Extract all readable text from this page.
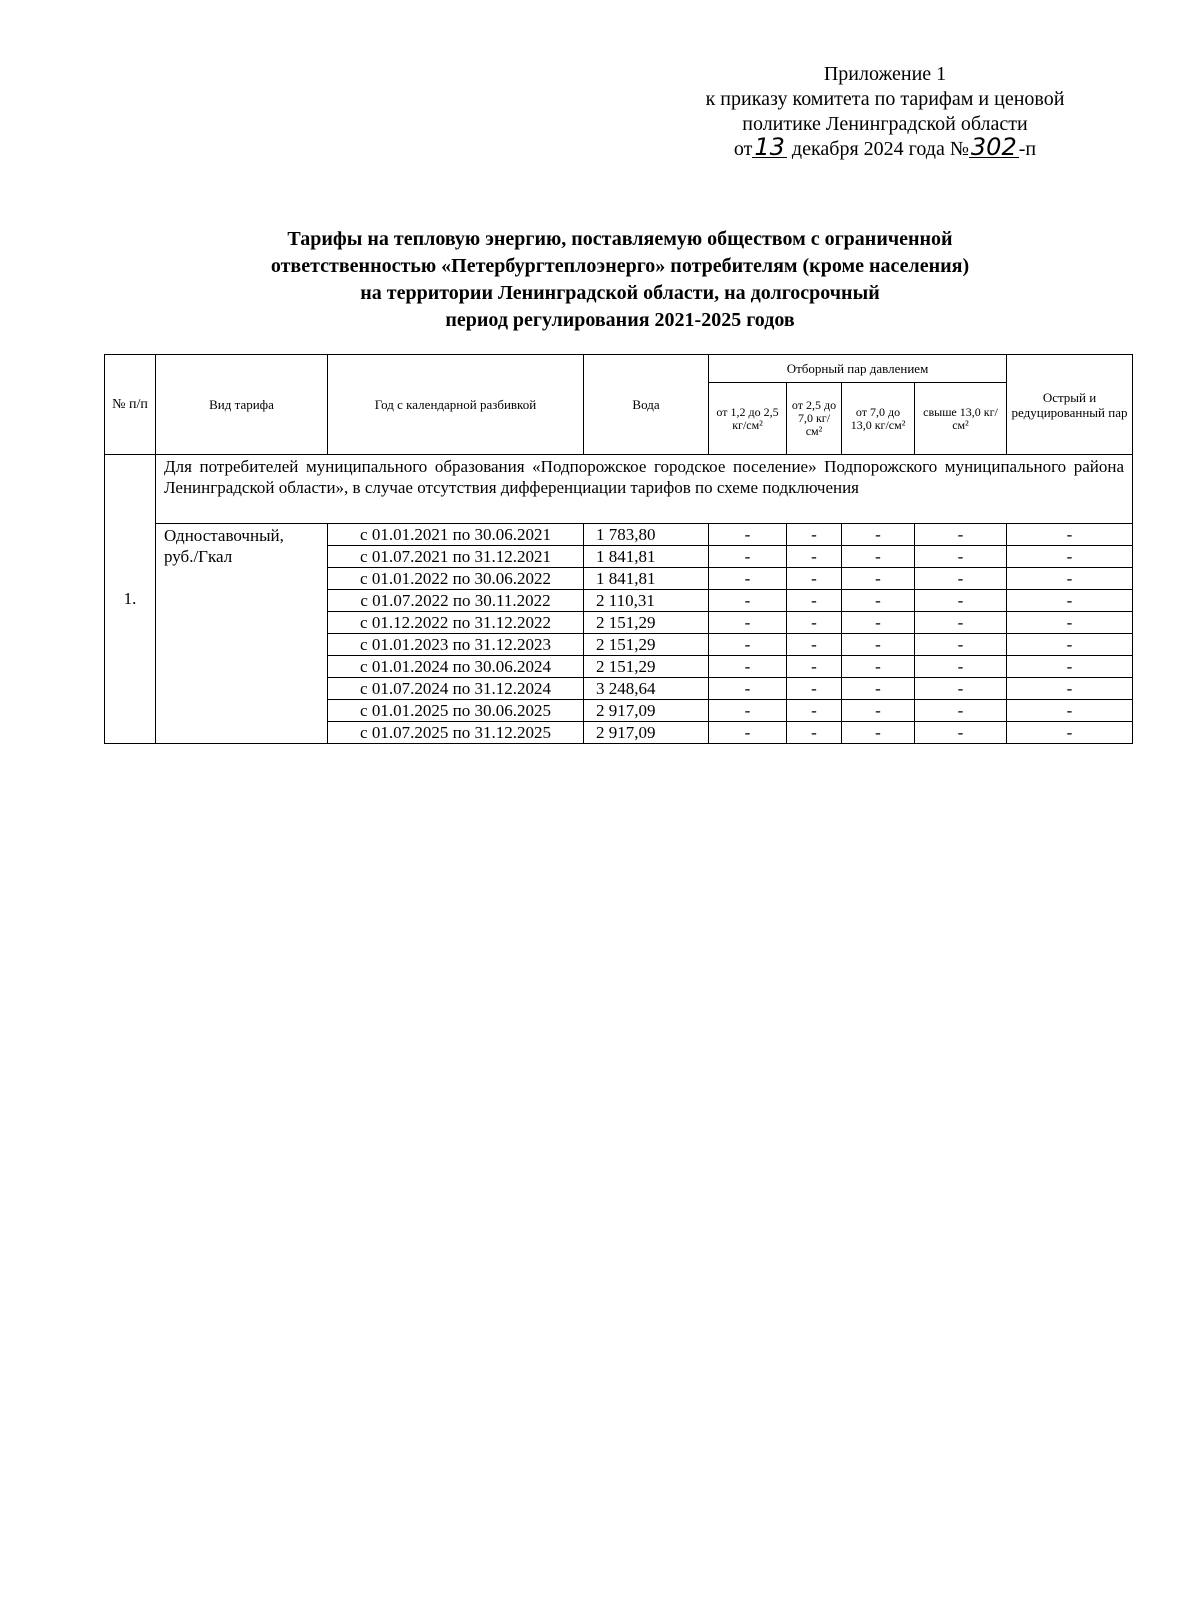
Приложение 1
к приказу комитета по тарифам и ценовой
политике Ленинградской области
от13 декабря 2024 года №302 -п
Тарифы на тепловую энергию, поставляемую обществом с ограниченной
ответственностью «Петербургтеплоэнерго» потребителям (кроме населения)
на территории Ленинградской области, на долгосрочный
период регулирования 2021-2025 годов
№ п/п	Вид тарифа	Год с календарной разбивкой	Вода	Отборный пар давлением				Острый и редуцированный пар
				от 1,2 до 2,5 кг/см²	от 2,5 до 7,0 кг/см²	от 7,0 до 13,0 кг/см²	свыше 13,0 кг/см²	
1.	Для потребителей муниципального образования «Подпорожское городское поселение» Подпорожского муниципального района Ленинградской области», в случае отсутствия дифференциации тарифов по схеме подключения							
	Одноставочный, руб./Гкал	с 01.01.2021 по 30.06.2021	1 783,80	-	-	-	-	-
		с 01.07.2021 по 31.12.2021	1 841,81	-	-	-	-	-
		с 01.01.2022 по 30.06.2022	1 841,81	-	-	-	-	-
		с 01.07.2022 по 30.11.2022	2 110,31	-	-	-	-	-
		с 01.12.2022 по 31.12.2022	2 151,29	-	-	-	-	-
		с 01.01.2023 по 31.12.2023	2 151,29	-	-	-	-	-
		с 01.01.2024 по 30.06.2024	2 151,29	-	-	-	-	-
		с 01.07.2024 по 31.12.2024	3 248,64	-	-	-	-	-
		с 01.01.2025 по 30.06.2025	2 917,09	-	-	-	-	-
		с 01.07.2025 по 31.12.2025	2 917,09	-	-	-	-	-
